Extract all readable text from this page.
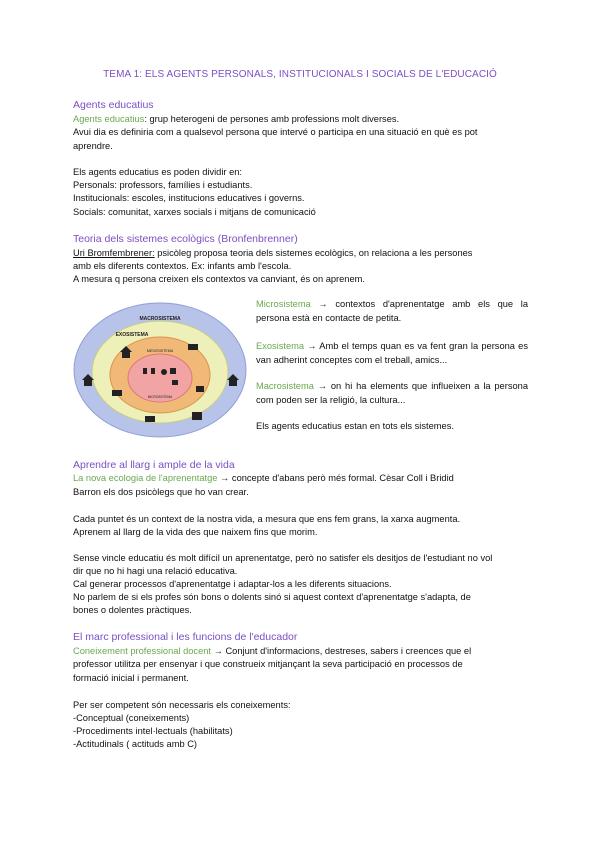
TEMA 1: ELS AGENTS PERSONALS, INSTITUCIONALS I SOCIALS DE L'EDUCACIÓ
Agents educatius
Agents educatius: grup heterogeni de persones amb professions molt diverses.
Avui dia es definiria com a qualsevol persona que intervé o participa en una situació en què es pot
aprendre.
Els agents educatius es poden dividir en:
Personals: professors, famílies i estudiants.
Institucionals: escoles, institucions educatives i governs.
Socials: comunitat, xarxes socials i mitjans de comunicació
Teoria dels sistemes ecològics (Bronfenbrenner)
Uri Bromfembrener: psicòleg proposa teoria dels sistemes ecològics, on relaciona a les persones
amb els diferents contextos. Ex: infants amb l'escola.
A mesura q persona creixen els contextos va canviant, és on aprenem.
MACROSISTEMA
EXOSISTEMA
MESOSISTEMA
MICROSISTEMA
Microsistema → contextos d'aprenentatge amb els que la persona està en contacte de petita.
Exosistema → Amb el temps quan es va fent gran la persona es van adherint conceptes com el treball, amics...
Macrosistema → on hi ha elements que influeixen a la persona com poden ser la religió, la cultura...
Els agents educatius estan en tots els sistemes.
Aprendre al llarg i ample de la vida
La nova ecologia de l'aprenentatge → concepte d'abans però més formal. Cèsar Coll i Bridid
Barron els dos psicòlegs que ho van crear.
Cada puntet és un context de la nostra vida, a mesura que ens fem grans, la xarxa augmenta.
Aprenem al llarg de la vida des que naixem fins que morim.
Sense vincle educatiu és molt difícil un aprenentatge, però no satisfer els desitjos de l'estudiant no vol
dir que no hi hagi una relació educativa.
Cal generar processos d'aprenentatge i adaptar-los a les diferents situacions.
No parlem de si els profes són bons o dolents sinó si aquest context d'aprenentatge s'adapta, de
bones o dolentes pràctiques.
El marc professional i les funcions de l'educador
Coneixement professional docent → Conjunt d'informacions, destreses, sabers i creences que el
professor utilitza per ensenyar i que construeix mitjançant la seva participació en processos de
formació inicial i permanent.
Per ser competent són necessaris els coneixements:
-Conceptual (coneixements)
-Procediments intel·lectuals (habilitats)
-Actitudinals ( actituds amb C)
